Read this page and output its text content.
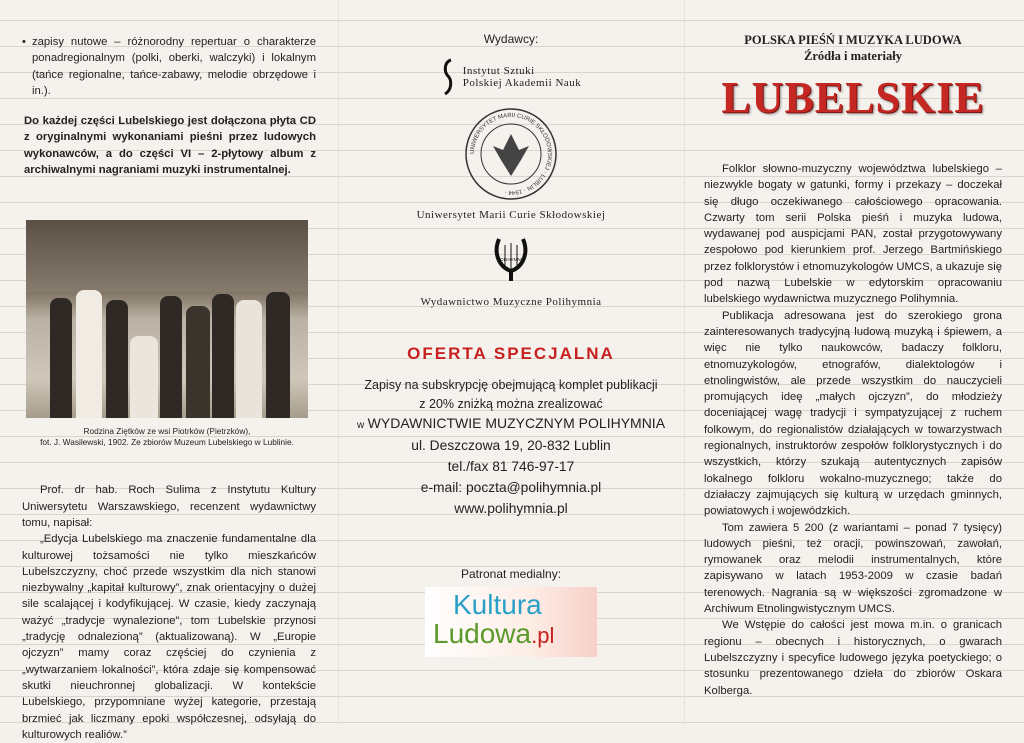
• zapisy nutowe – różnorodny repertuar o charakterze ponadregionalnym (polki, oberki, walczyki) i lokalnym (tańce regionalne, tańce-zabawy, melodie obrzędowe i in.).

Do każdej części Lubelskiego jest dołączona płyta CD z oryginalnymi wykonaniami pieśni przez ludowych wykonawców, a do części VI – 2-płytowy album z archiwalnymi nagraniami muzyki instrumentalnej.

Rodzina Ziętków ze wsi Piotrków (Pietrzków),
fot. J. Wasilewski, 1902. Ze zbiorów Muzeum Lubelskiego w Lublinie.

Prof. dr hab. Roch Sulima z Instytutu Kultury Uniwersytetu Warszawskiego, recenzent wydawnictwy tomu, napisał:

„Edycja Lubelskiego ma znaczenie fundamentalne dla kulturowej tożsamości nie tylko mieszkańców Lubelszczyzny, choć przede wszystkim dla nich stanowi niezbywalny „kapitał kulturowy”, znak orientacyjny o dużej sile scalającej i kodyfikującej. W czasie, kiedy zaczynają ważyć „tradycje wynalezione”, tom Lubelskie przynosi „tradycję odnalezioną” (aktualizowaną). W „Europie ojczyzn” mamy coraz częściej do czynienia z „wytwarzaniem lokalności”, która zdaje się kompensować skutki nieuchronnej globalizacji. W kontekście Lubelskiego, przypomniane wyżej kategorie, przestają brzmieć jak liczmany epoki współczesnej, odsyłają do kulturowych realiów.”

Wydawcy:
Instytut Sztuki
Polskiej Akademii Nauk
UNIWERSYTET MARII CURIE SKŁODOWSKIEJ · LUBLIN · 1944 ·
Uniwersytet Marii Curie Skłodowskiej
POLIHYMNIA
Wydawnictwo Muzyczne Polihymnia
OFERTA SPECJALNA
Zapisy na subskrypcję obejmującą komplet publikacji
z 20% zniżką można zrealizować
w WYDAWNICTWIE MUZYCZNYM POLIHYMNIA
ul. Deszczowa 19, 20-832 Lublin
tel./fax 81 746-97-17
e-mail: poczta@polihymnia.pl
www.polihymnia.pl
Patronat medialny:
Kultura
Ludowa.pl
POLSKA PIEŚŃ I MUZYKA LUDOWA
Źródła i materiały
LUBELSKIE

Folklor słowno-muzyczny województwa lubelskiego – niezwykle bogaty w gatunki, formy i przekazy – doczekał się długo oczekiwanego całościowego opracowania. Czwarty tom serii Polska pieśń i muzyka ludowa, wydawanej pod auspicjami PAN, został przygotowywany zespołowo pod kierunkiem prof. Jerzego Bartmińskiego przez folklorystów i etnomuzykologów UMCS, a ukazuje się pod nazwą Lubelskie w edytorskim opracowaniu lubelskiego wydawnictwa muzycznego Polihymnia.

Publikacja adresowana jest do szerokiego grona zainteresowanych tradycyjną ludową muzyką i śpiewem, a więc nie tylko naukowców, badaczy folkloru, etnomuzykologów, etnografów, dialektologów i etnolingwistów, ale przede wszystkim do nauczycieli promujących ideę „małych ojczyzn”, do młodzieży doceniającej wagę tradycji i sympatyzującej z ruchem folkowym, do regionalistów działających w towarzystwach regionalnych, instruktorów zespołów folklorystycznych i do wszystkich, którzy szukają autentycznych zapisów lokalnego folkloru wokalno-muzycznego; także do działaczy zajmujących się kulturą w urzędach gminnych, powiatowych i wojewódzkich.

Tom zawiera 5 200 (z wariantami – ponad 7 tysięcy) ludowych pieśni, też oracji, powinszowań, zawołań, rymowanek oraz melodii instrumentalnych, które zapisywano w latach 1953-2009 w czasie badań terenowych. Nagrania są w większości zgromadzone w Archiwum Etnolingwistycznym UMCS.

We Wstępie do całości jest mowa m.in. o granicach regionu – obecnych i historycznych, o gwarach Lubelszczyzny i specyfice ludowego języka poetyckiego; o stosunku prezentowanego dzieła do zbiorów Oskara Kolberga.
